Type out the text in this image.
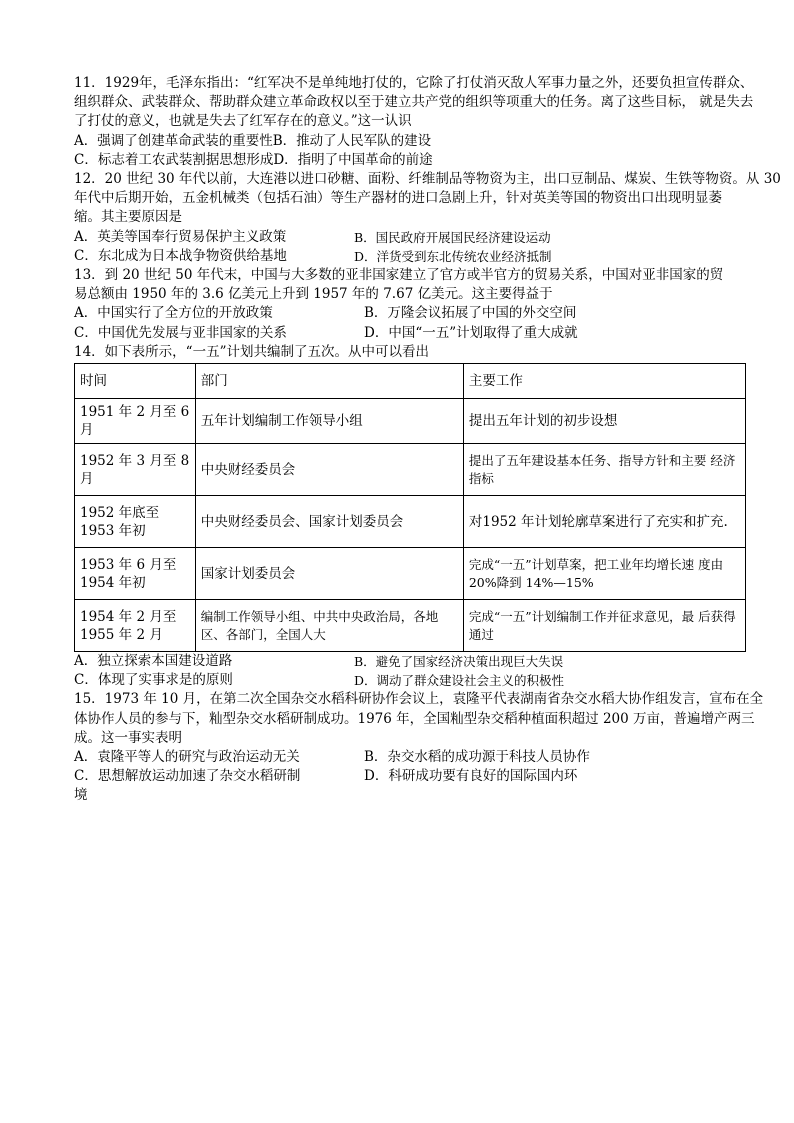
11．1929年，毛泽东指出：“红军决不是单纯地打仗的，它除了打仗消灭敌人军事力量之外，还要负担宣传群众、
组织群众、武装群众、帮助群众建立革命政权以至于建立共产党的组织等项重大的任务。离了这些目标， 就是失去
了打仗的意义，也就是失去了红军存在的意义。”这一认识
A．强调了创建革命武装的重要性B．推动了人民军队的建设
C．标志着工农武装割据思想形成D．指明了中国革命的前途
12．20 世纪 30 年代以前，大连港以进口砂糖、面粉、纤维制品等物资为主，出口豆制品、煤炭、生铁等物资。从 30
年代中后期开始，五金机械类（包括石油）等生产器材的进口急剧上升，针对英美等国的物资出口出现明显萎
缩。其主要原因是
A．英美等国奉行贸易保护主义政策	B．国民政府开展国民经济建设运动
C．东北成为日本战争物资供给基地	D．洋货受到东北传统农业经济抵制
13．到 20 世纪 50 年代末，中国与大多数的亚非国家建立了官方或半官方的贸易关系，中国对亚非国家的贸
易总额由 1950 年的 3.6 亿美元上升到 1957 年的 7.67 亿美元。这主要得益于
A．中国实行了全方位的开放政策	B．万隆会议拓展了中国的外交空间
C．中国优先发展与亚非国家的关系	D．中国“一五”计划取得了重大成就
14．如下表所示，“一五”计划共编制了五次。从中可以看出
时间	部门	主要工作
1951 年 2 月至 6 月	五年计划编制工作领导小组	提出五年计划的初步设想
1952 年 3 月至 8 月	中央财经委员会	提出了五年建设基本任务、指导方针和主要 经济指标
1952 年底至 1953 年初	中央财经委员会、国家计划委员会	对1952 年计划轮廓草案进行了充实和扩充.
1953 年 6 月至 1954 年初	国家计划委员会	完成“一五”计划草案，把工业年均增长速 度由 20%降到 14%—15%
1954 年 2 月至 1955 年 2 月	编制工作领导小组、中共中央政治局，各地区、各部门，全国人大	完成“一五”计划编制工作并征求意见，最 后获得通过
A．独立探索本国建设道路	B．避免了国家经济决策出现巨大失误
C．体现了实事求是的原则	D．调动了群众建设社会主义的积极性
15．1973 年 10 月，在第二次全国杂交水稻科研协作会议上，袁隆平代表湖南省杂交水稻大协作组发言，宣布在全
体协作人员的参与下，籼型杂交水稻研制成功。1976 年，全国籼型杂交稻种植面积超过 200 万亩，普遍增产两三
成。这一事实表明
A．袁隆平等人的研究与政治运动无关	B．杂交水稻的成功源于科技人员协作
C．思想解放运动加速了杂交水稻研制	D．科研成功要有良好的国际国内环
境
